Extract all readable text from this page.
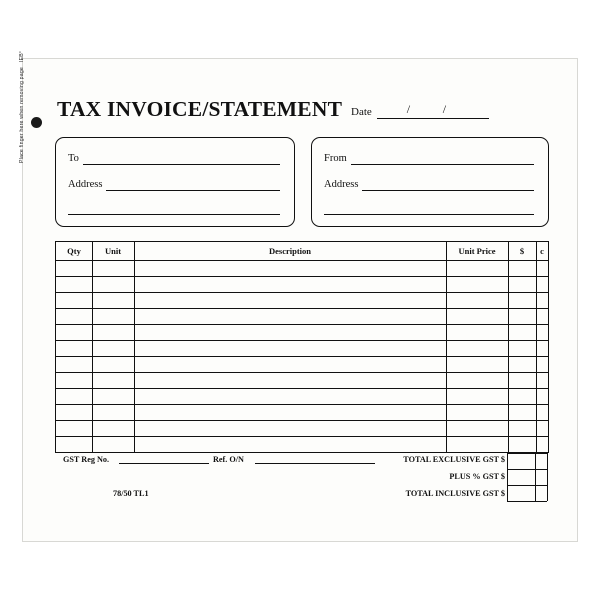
Place finger here when removing page   IEB°
TAX INVOICE/STATEMENT Date	/	/
To
Address
From
Address
Qty	Unit	Description	Unit Price	$	c
GST Reg No.	Ref. O/N
78/50 TL1
TOTAL EXCLUSIVE GST $
PLUS % GST $
TOTAL INCLUSIVE GST $
